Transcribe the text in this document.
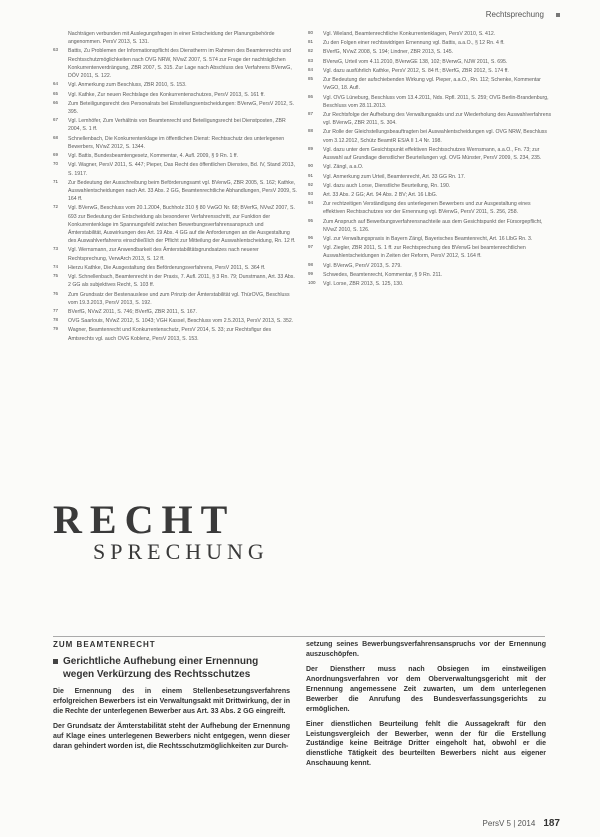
Rechtsprechung
Nachträgen verbunden mit Auslegungsfragen in einer Entscheidung der Planungsbehörde angenommen. PersV 2013, S. 131.
63	Battis, Zu Problemen der Informationspflicht des Dienstherrn im Rahmen des Beamtenrechts und Rechtsschutzmöglichkeiten nach OVG NRW, NVwZ 2007, S. 574 zur Frage der nachträglichen Konkurrentenverdrängung, ZBR 2007, S. 315. Zur Lage nach Abschluss des Verfahrens BVerwG, DÖV 2011, S. 122.
64	Vgl. Anmerkung zum Beschluss, ZBR 2010, S. 153.
65	Vgl. Kathke, Zur neuen Rechtslage des Konkurrentenschutzes, PersV 2013, S. 161 ff.
66	Zum Beteiligungsrecht des Personalrats bei Einstellungsentscheidungen: BVerwG, PersV 2012, S. 395.
67	Vgl. Lemhöfer, Zum Verhältnis von Beamtenrecht und Beteiligungsrecht bei Dienstposten, ZBR 2004, S. 1 ff.
68	Schnellenbach, Die Konkurrentenklage im öffentlichen Dienst: Rechtsschutz des unterlegenen Bewerbers, NVwZ 2012, S. 1344.
69	Vgl. Battis, Bundesbeamtengesetz, Kommentar, 4. Aufl. 2009, § 9 Rn. 1 ff.
70	Vgl. Wagner, PersV 2011, S. 447; Pieper, Das Recht des öffentlichen Dienstes, Bd. IV, Stand 2013, S. 1917.
71	Zur Bedeutung der Ausschreibung beim Beförderungsamt vgl. BVerwG, ZBR 2005, S. 162; Kathke, Auswahlentscheidungen nach Art. 33 Abs. 2 GG, Beamtenrechtliche Abhandlungen, PersV 2009, S. 164 ff.
72	Vgl. BVerwG, Beschluss vom 20.1.2004, Buchholz 310 § 80 VwGO Nr. 68; BVerfG, NVwZ 2007, S. 693 zur Bedeutung der Entscheidung als besonderer Verfahrensschritt, zur Funktion der Konkurrentenklage im Spannungsfeld zwischen Bewerbungsverfahrensanspruch und Ämterstabilität, Auswirkungen des Art. 19 Abs. 4 GG auf die Anforderungen an die Ausgestaltung des Auswahlverfahrens einschließlich der Pflicht zur Mitteilung der Auswahlentscheidung, Rn. 12 ff.
73	Vgl. Wernsmann, zur Anwendbarkeit des Ämterstabilitätsgrundsatzes nach neuerer Rechtsprechung, VerwArch 2013, S. 12 ff.
74	Hierzu Kathke, Die Ausgestaltung des Beförderungsverfahrens, PersV 2011, S. 364 ff.
75	Vgl. Schnellenbach, Beamtenrecht in der Praxis, 7. Aufl. 2011, § 3 Rn. 79; Dunstmann, Art. 33 Abs. 2 GG als subjektives Recht, S. 103 ff.
76	Zum Grundsatz der Bestenauslese und zum Prinzip der Ämterstabilität vgl. ThürOVG, Beschluss vom 19.3.2013, PersV 2013, S. 192.
77	BVerfG, NVwZ 2011, S. 746; BVerfG, ZBR 2011, S. 167.
78	OVG Saarlouis, NVwZ 2012, S. 1043; VGH Kassel, Beschluss vom 2.5.2013, PersV 2013, S. 352.
79	Wagner, Beamtenrecht und Konkurrentenschutz, PersV 2014, S. 33; zur Rechtsfigur des Amtsrechts vgl. auch OVG Koblenz, PersV 2013, S. 153.
80	Vgl. Wieland, Beamtenrechtliche Konkurrentenklagen, PersV 2010, S. 412.
81	Zu den Folgen einer rechtswidrigen Ernennung vgl. Battis, a.a.O., § 12 Rn. 4 ff.
82	BVerfG, NVwZ 2008, S. 194; Lindner, ZBR 2013, S. 145.
83	BVerwG, Urteil vom 4.11.2010, BVerwGE 138, 102; BVerwG, NJW 2011, S. 695.
84	Vgl. dazu ausführlich Kathke, PersV 2012, S. 84 ff.; BVerfG, ZBR 2012, S. 174 ff.
85	Zur Bedeutung der aufschiebenden Wirkung vgl. Pieper, a.a.O., Rn. 112; Schenke, Kommentar VwGO, 18. Aufl.
86	Vgl. OVG Lüneburg, Beschluss vom 13.4.2011, Nds. Rpfl. 2011, S. 259; OVG Berlin-Brandenburg, Beschluss vom 28.11.2013.
87	Zur Rechtsfolge der Aufhebung des Verwaltungsakts und zur Wiederholung des Auswahlverfahrens vgl. BVerwG, ZBR 2011, S. 304.
88	Zur Rolle der Gleichstellungsbeauftragten bei Auswahlentscheidungen vgl. OVG NRW, Beschluss vom 3.12.2012, Schütz BeamtR ES/A II 1.4 Nr. 198.
89	Vgl. dazu unter dem Gesichtspunkt effektiven Rechtsschutzes Wernsmann, a.a.O., Fn. 73; zur Auswahl auf Grundlage dienstlicher Beurteilungen vgl. OVG Münster, PersV 2009, S. 234, 235.
90	Vgl. Zängl, a.a.O.
91	Vgl. Anmerkung zum Urteil, Beamtenrecht, Art. 33 GG Rn. 17.
92	Vgl. dazu auch Lorse, Dienstliche Beurteilung, Rn. 190.
93	Art. 33 Abs. 2 GG; Art. 94 Abs. 2 BV; Art. 16 LlbG.
94	Zur rechtzeitigen Verständigung des unterlegenen Bewerbers und zur Ausgestaltung eines effektiven Rechtsschutzes vor der Ernennung vgl. BVerwG, PersV 2011, S. 256, 258.
95	Zum Anspruch auf Bewerbungsverfahrensnachteile aus dem Gesichtspunkt der Fürsorgepflicht, NVwZ 2010, S. 126.
96	Vgl. zur Verwaltungspraxis in Bayern Zängl, Bayerisches Beamtenrecht, Art. 16 LlbG Rn. 3.
97	Vgl. Ziegler, ZBR 2011, S. 1 ff. zur Rechtsprechung des BVerwG bei beamtenrechtlichen Auswahlentscheidungen in Zeiten der Reform, PersV 2012, S. 164 ff.
98	Vgl. BVerwG, PersV 2013, S. 279.
99	Schwedes, Beamtenrecht, Kommentar, § 9 Rn. 211.
100	Vgl. Lorse, ZBR 2013, S. 125, 130.
RECHT
SPRECHUNG
ZUM BEAMTENRECHT
Gerichtliche Aufhebung einer Ernennung wegen Verkürzung des Rechtsschutzes

Die Ernennung des in einem Stellenbesetzungsverfahrens erfolgreichen Bewerbers ist ein Verwaltungsakt mit Drittwirkung, der in die Rechte der unterlegenen Bewerber aus Art. 33 Abs. 2 GG eingreift.

Der Grundsatz der Ämterstabilität steht der Aufhebung der Ernennung auf Klage eines unterlegenen Bewerbers nicht entgegen, wenn dieser daran gehindert worden ist, die Rechtsschutzmöglichkeiten zur Durch-

setzung seines Bewerbungsverfahrensanspruchs vor der Ernennung auszuschöpfen.

Der Dienstherr muss nach Obsiegen im einstweiligen Anordnungsverfahren vor dem Oberverwaltungsgericht mit der Ernennung angemessene Zeit zuwarten, um dem unterlegenen Bewerber die Anrufung des Bundesverfassungsgerichts zu ermöglichen.

Einer dienstlichen Beurteilung fehlt die Aussagekraft für den Leistungsvergleich der Bewerber, wenn der für die Erstellung Zuständige keine Beiträge Dritter eingeholt hat, obwohl er die dienstliche Tätigkeit des beurteilten Bewerbers nicht aus eigener Anschauung kennt.

PersV 5 | 2014 187
